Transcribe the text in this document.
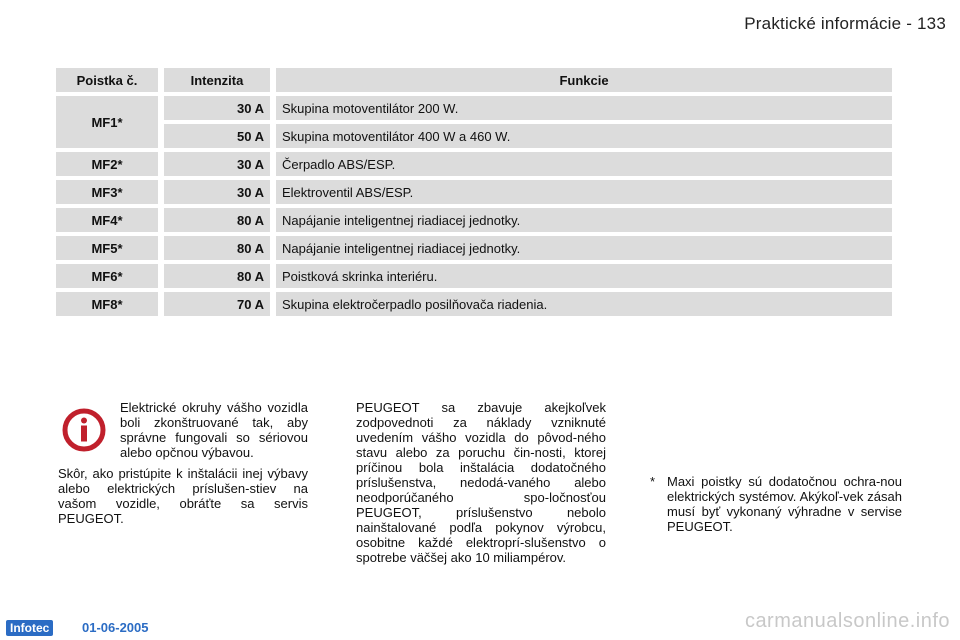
Praktické informácie - 133
Poistka č.	Intenzita	Funkcie
MF1*	30 A	Skupina motoventilátor 200 W.
	50 A	Skupina motoventilátor 400 W a 460 W.
MF2*	30 A	Čerpadlo ABS/ESP.
MF3*	30 A	Elektroventil ABS/ESP.
MF4*	80 A	Napájanie inteligentnej riadiacej jednotky.
MF5*	80 A	Napájanie inteligentnej riadiacej jednotky.
MF6*	80 A	Poistková skrinka interiéru.
MF8*	70 A	Skupina elektročerpadlo posilňovača riadenia.
Elektrické okruhy vášho vozidla boli zkonštruované tak, aby správne fungovali so sériovou alebo opčnou výbavou.
Skôr, ako pristúpite k inštalácii inej výbavy alebo elektrických príslušen-stiev na vašom vozidle, obráťte sa servis PEUGEOT.
PEUGEOT sa zbavuje akejkoľvek zodpovednoti za náklady vzniknuté uvedením vášho vozidla do pôvod-ného stavu alebo za poruchu čin-nosti, ktorej príčinou bola inštalácia dodatočného príslušenstva, nedodá-vaného alebo neodporúčaného spo-ločnosťou PEUGEOT, príslušenstvo nebolo nainštalované podľa pokynov výrobcu, osobitne každé elektroprí-slušenstvo o spotrebe väčšej ako 10 miliampérov.
* Maxi poistky sú dodatočnou ochra-nou elektrických systémov. Akýkoľ-vek zásah musí byť vykonaný výhradne v servise PEUGEOT.
Infotec	01-06-2005	carmanualsonline.info
